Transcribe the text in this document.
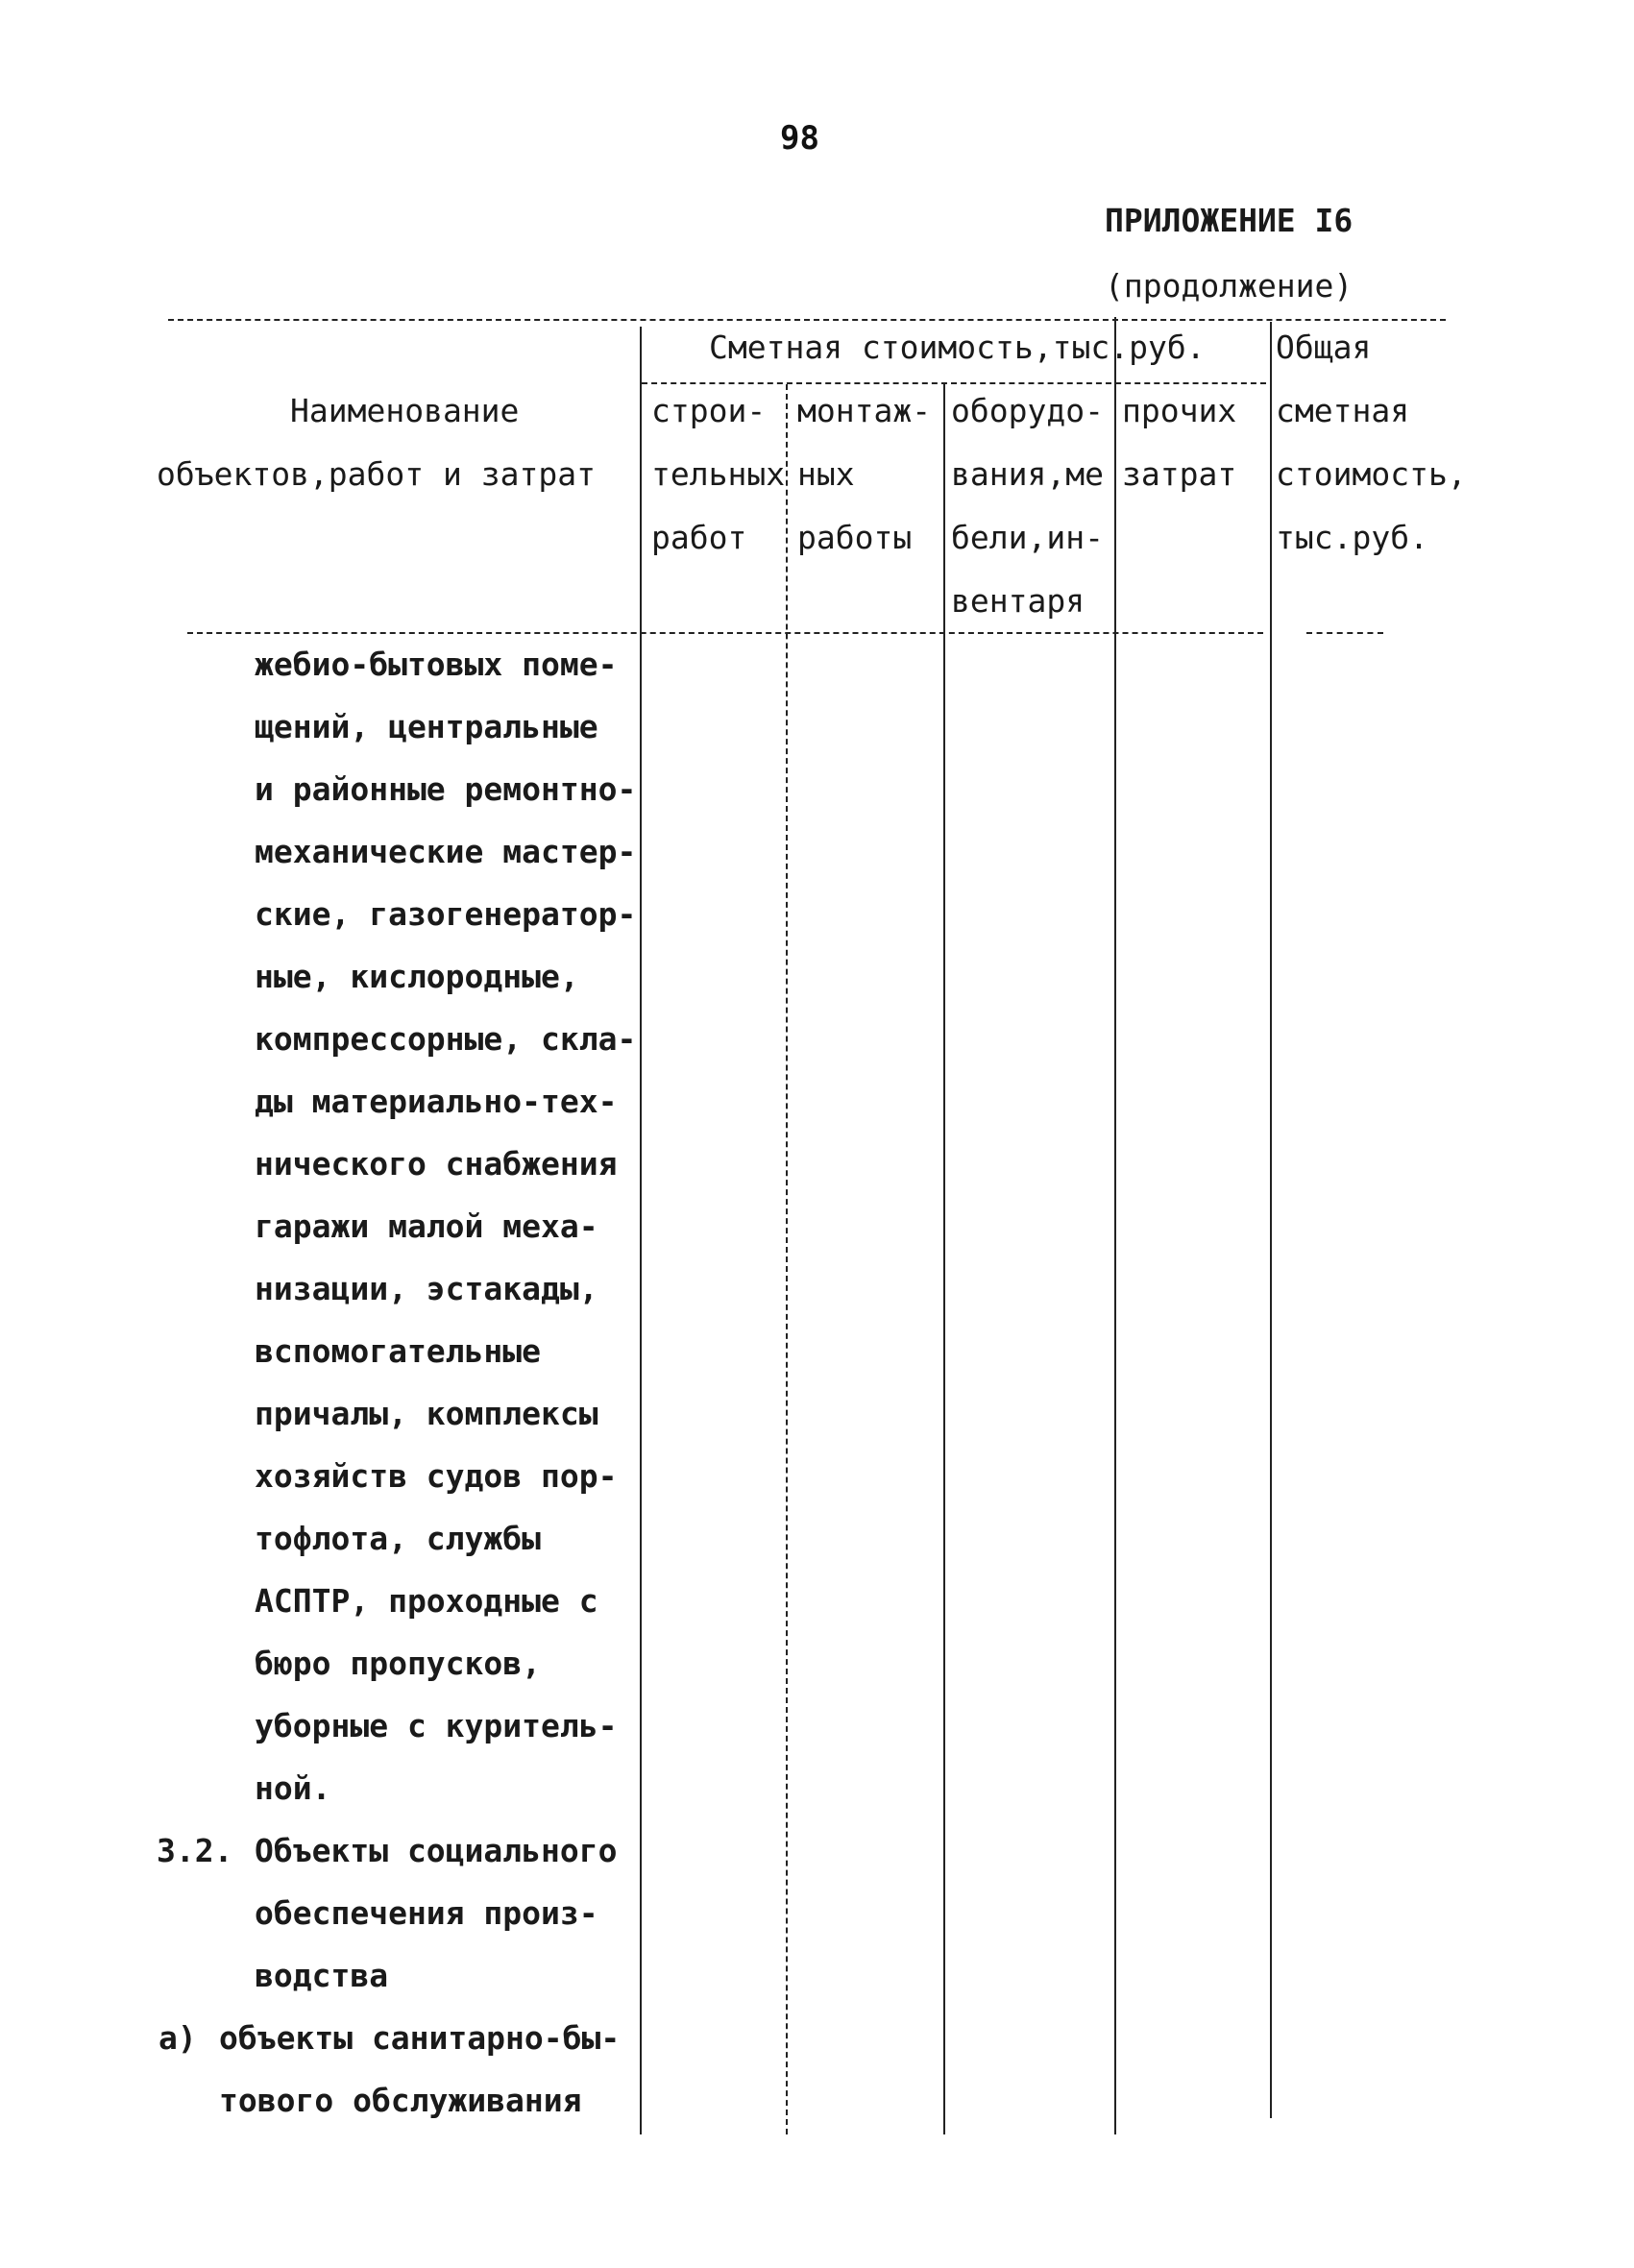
98
ПРИЛОЖЕНИЕ I6
(продолжение)
Сметная стоимость,тыс.руб.
Наименование
объектов,работ и затрат
строи-
тельных
работ
монтаж-
ных
работы
оборудо-
вания,ме
бели,ин-
вентаря
прочих
затрат
Общая
сметная
стоимость,
тыс.руб.
жебио-бытовых поме-
щений, центральные
и районные ремонтно-
механические мастер-
ские, газогенератор-
ные, кислородные,
компрессорные, скла-
ды материально-тех-
нического снабжения
гаражи малой меха-
низации, эстакады,
вспомогательные
причалы, комплексы
хозяйств судов пор-
тофлота, службы
АСПТР, проходные с
бюро пропусков,
уборные с куритель-
ной.
3.2. Объекты социального
обеспечения произ-
водства
а) объекты санитарно-бы-
тового обслуживания
